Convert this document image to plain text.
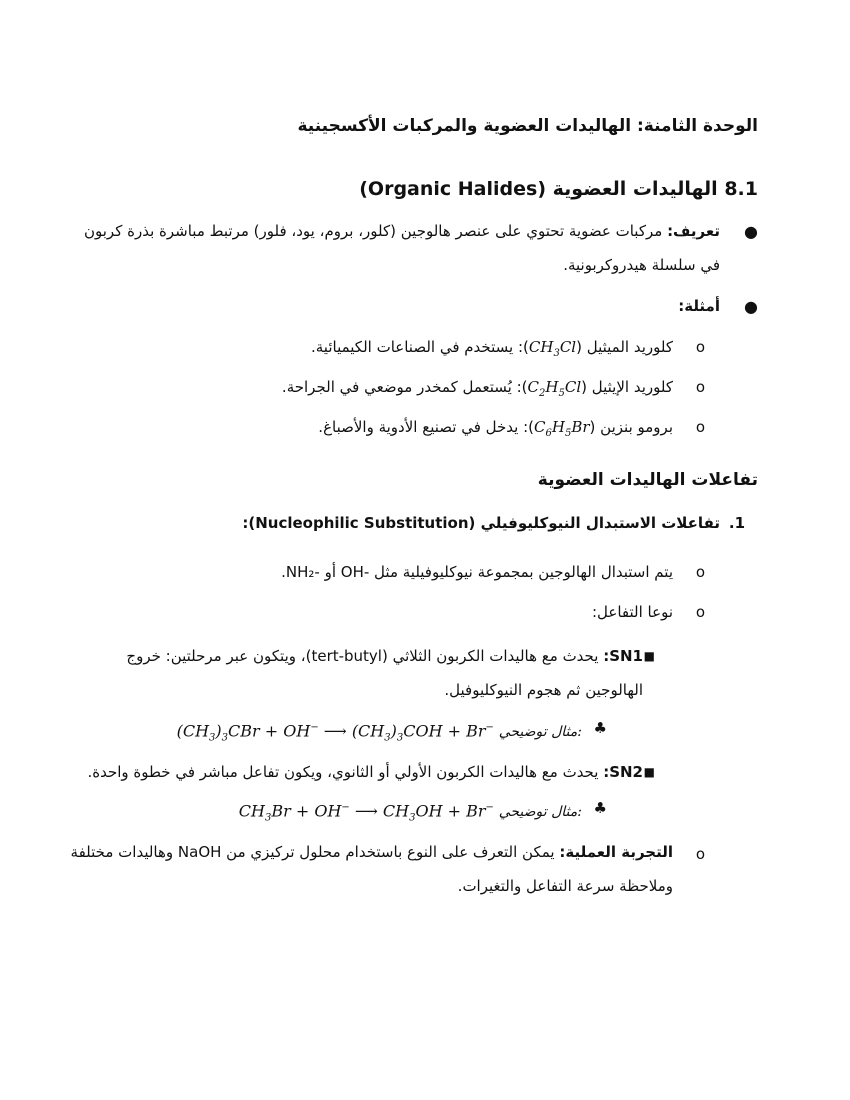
الوحدة الثامنة: الهاليدات العضوية والمركبات الأكسجينية
8.1 الهاليدات العضوية (Organic Halides)
●
تعريف: مركبات عضوية تحتوي على عنصر هالوجين (كلور، بروم، يود، فلور) مرتبط مباشرة بذرة كربون
في سلسلة هيدروكربونية.
●
أمثلة:
o
كلوريد الميثيل $(CH_3Cl)$: يستخدم في الصناعات الكيميائية.
o
كلوريد الإيثيل $(C_2H_5Cl)$: يُستعمل كمخدر موضعي في الجراحة.
o
برومو بنزين $(C_6H_5Br)$: يدخل في تصنيع الأدوية والأصباغ.
تفاعلات الهاليدات العضوية
1.
تفاعلات الاستبدال النيوكليوفيلي (Nucleophilic Substitution):
o
يتم استبدال الهالوجين بمجموعة نيوكليوفيلية مثل -OH أو -NH₂.
o
نوعا التفاعل:
■
SN1: يحدث مع هاليدات الكربون الثلاثي (tert-butyl)، ويتكون عبر مرحلتين: خروج
الهالوجين ثم هجوم النيوكليوفيل.
♣
مثال توضيحي: $(CH_3)_3CBr + OH^-$ ⟶ $(CH_3)_3COH + Br^-$
■
SN2: يحدث مع هاليدات الكربون الأولي أو الثانوي، ويكون تفاعل مباشر في خطوة واحدة.
♣
مثال توضيحي: $CH_3Br + OH^-$ ⟶ $CH_3OH + Br^-$
o
التجربة العملية: يمكن التعرف على النوع باستخدام محلول تركيزي من NaOH وهاليدات مختلفة
وملاحظة سرعة التفاعل والتغيرات.
